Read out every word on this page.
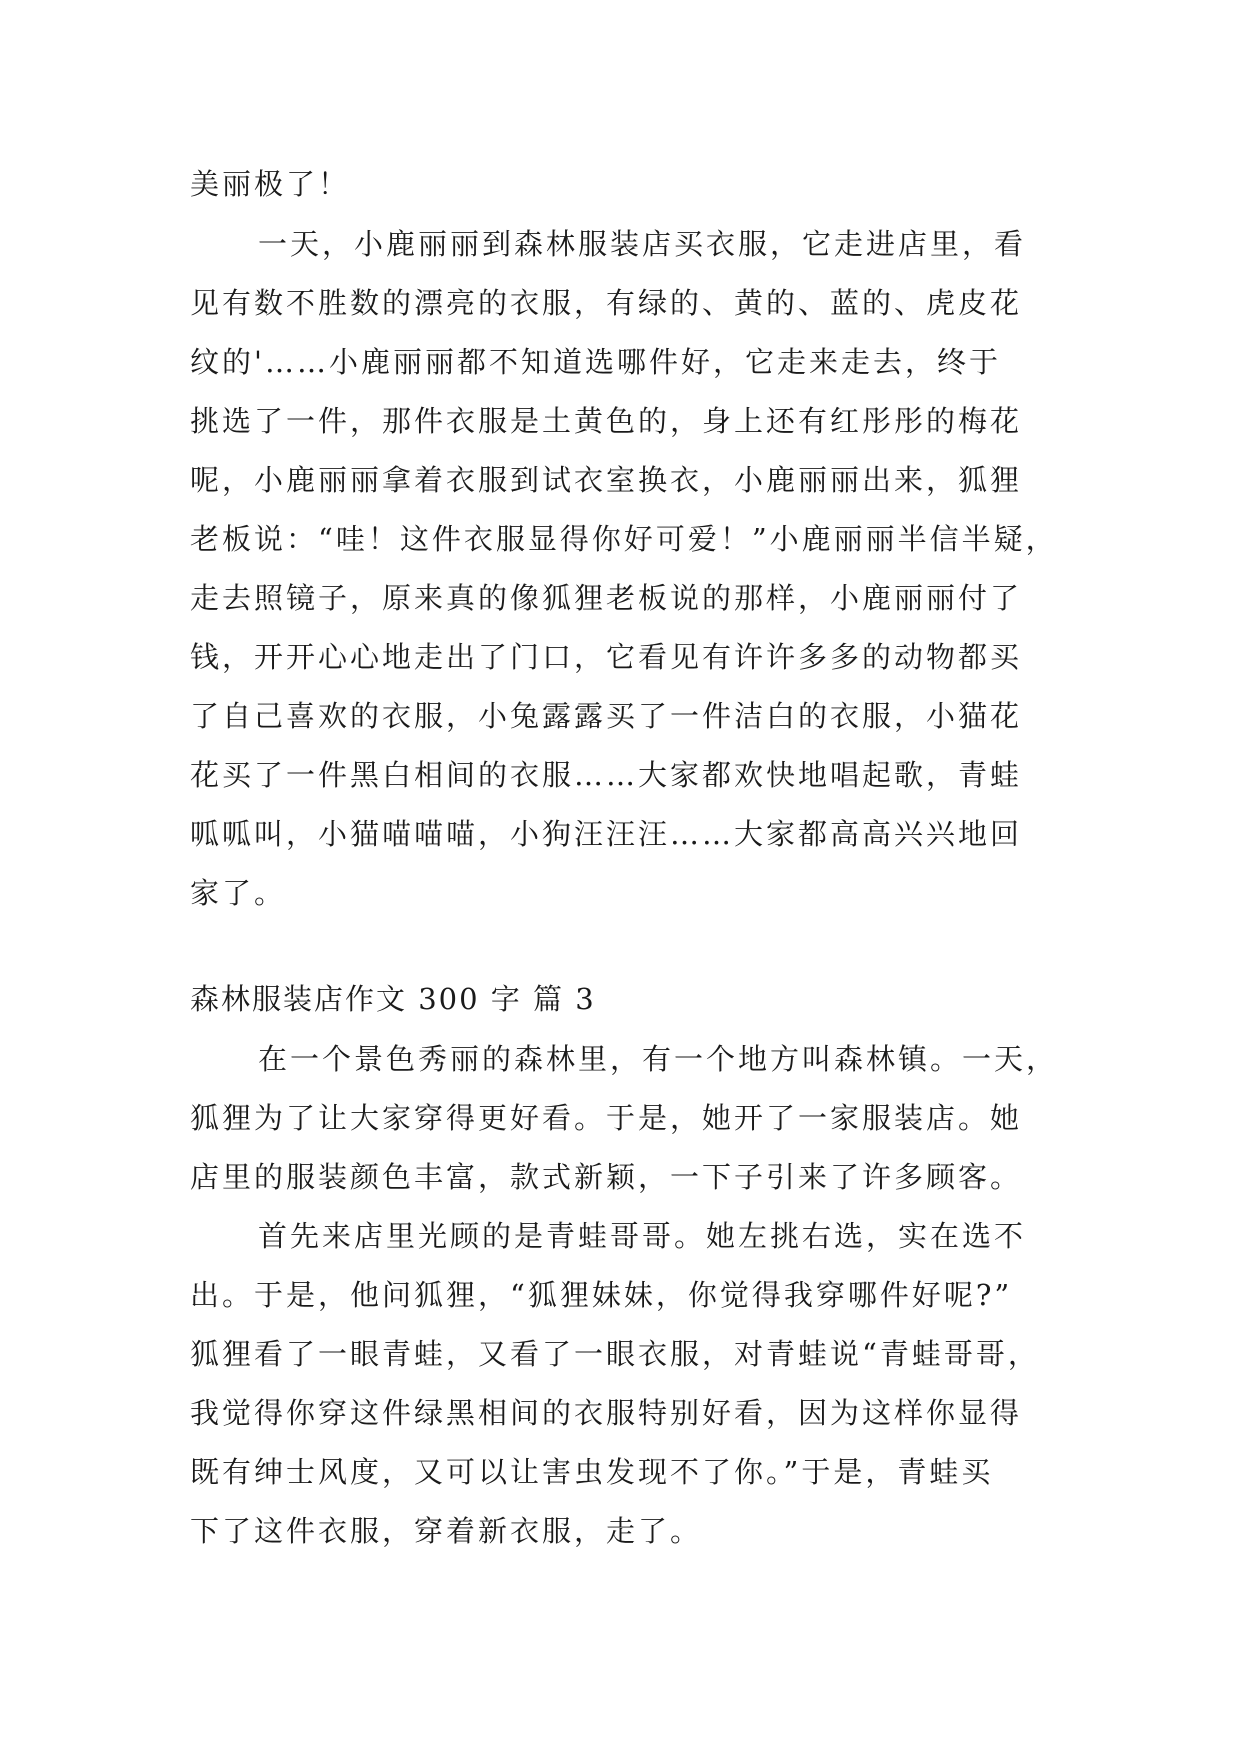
美丽极了！
一天，小鹿丽丽到森林服装店买衣服，它走进店里，看
见有数不胜数的漂亮的衣服，有绿的、黄的、蓝的、虎皮花
纹的'……小鹿丽丽都不知道选哪件好，它走来走去，终于
挑选了一件，那件衣服是土黄色的，身上还有红彤彤的梅花
呢，小鹿丽丽拿着衣服到试衣室换衣，小鹿丽丽出来，狐狸
老板说：“哇！这件衣服显得你好可爱！”小鹿丽丽半信半疑，
走去照镜子，原来真的像狐狸老板说的那样，小鹿丽丽付了
钱，开开心心地走出了门口，它看见有许许多多的动物都买
了自己喜欢的衣服，小兔露露买了一件洁白的衣服，小猫花
花买了一件黑白相间的衣服……大家都欢快地唱起歌，青蛙
呱呱叫，小猫喵喵喵，小狗汪汪汪……大家都高高兴兴地回
家了。
森林服装店作文 300 字 篇 3
在一个景色秀丽的森林里，有一个地方叫森林镇。一天，
狐狸为了让大家穿得更好看。于是，她开了一家服装店。她
店里的服装颜色丰富，款式新颖，一下子引来了许多顾客。
首先来店里光顾的是青蛙哥哥。她左挑右选，实在选不
出。于是，他问狐狸，“狐狸妹妹，你觉得我穿哪件好呢?”
狐狸看了一眼青蛙，又看了一眼衣服，对青蛙说“青蛙哥哥，
我觉得你穿这件绿黑相间的衣服特别好看，因为这样你显得
既有绅士风度，又可以让害虫发现不了你。”于是，青蛙买
下了这件衣服，穿着新衣服，走了。
